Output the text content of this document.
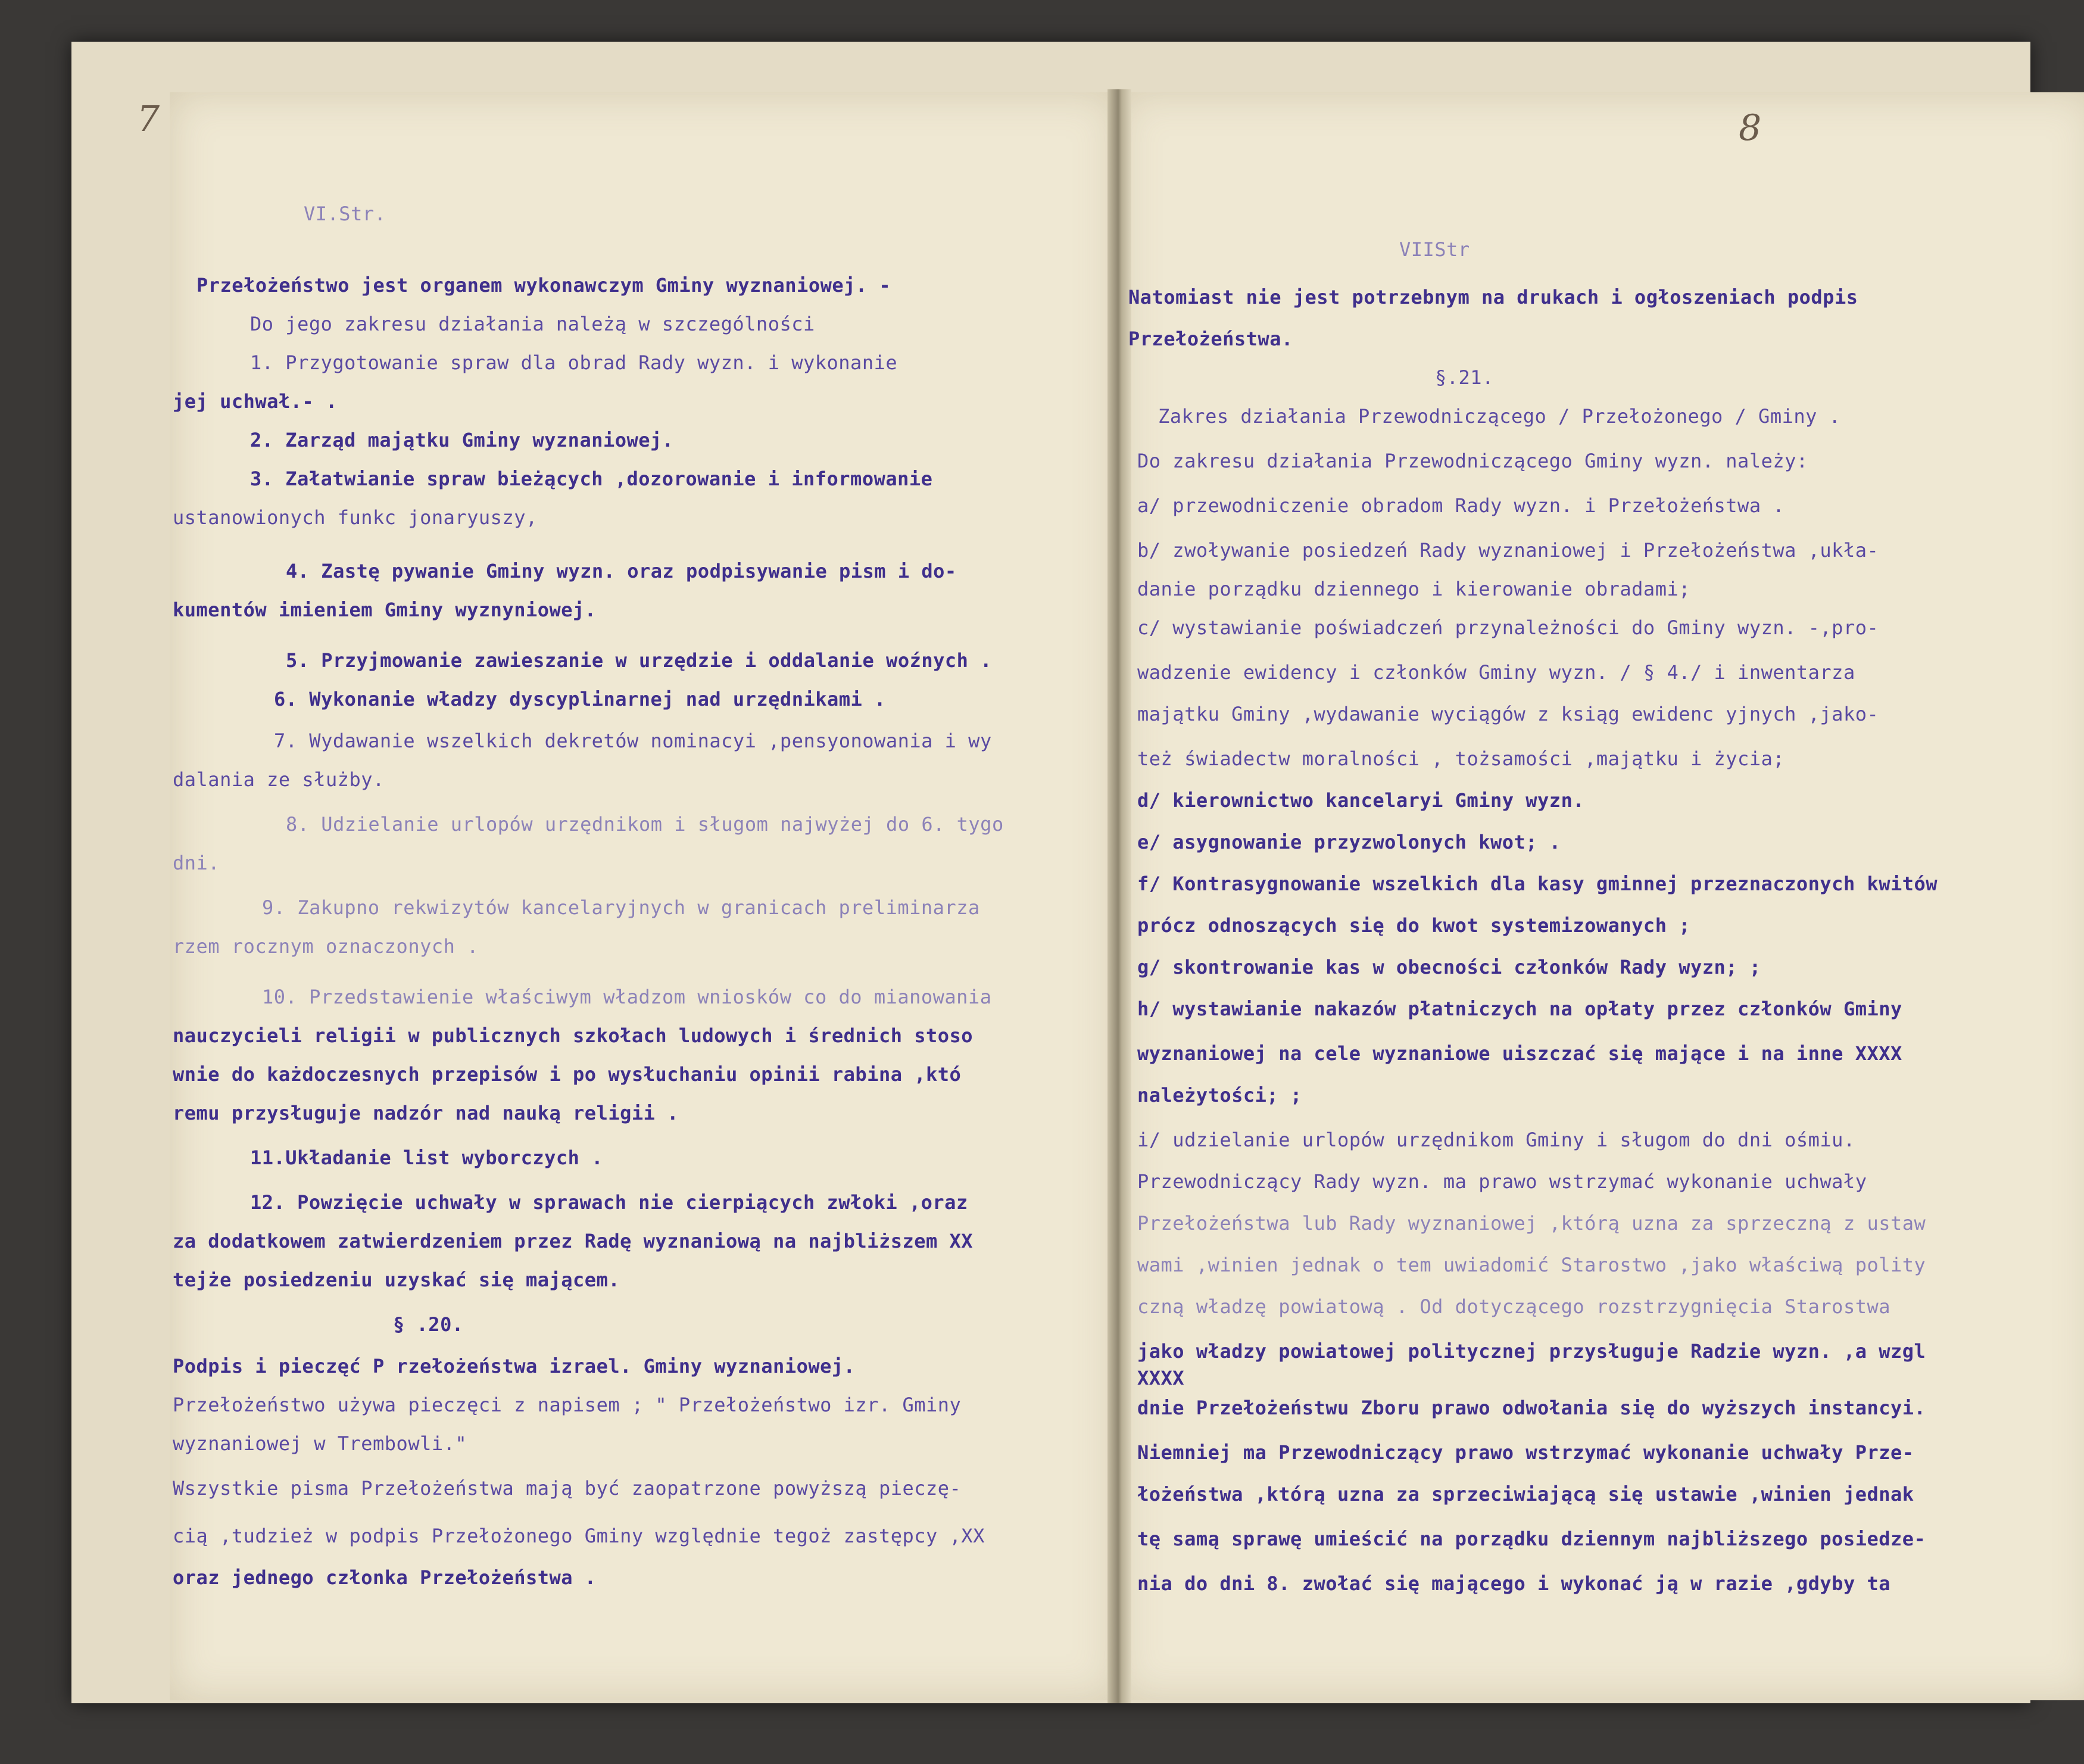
7
VI.Str.
Przełożeństwo jest organem wykonawczym Gminy wyznaniowej. -
Do jego zakresu działania należą w szczególności
1. Przygotowanie spraw dla obrad Rady wyzn. i wykonanie
jej uchwał.- .
2. Zarząd majątku Gminy wyznaniowej.
3. Załatwianie spraw bieżących ,dozorowanie i informowanie
ustanowionych funkc jonaryuszy,
4. Zastę pywanie Gminy wyzn. oraz podpisywanie pism i do-
kumentów imieniem Gminy wyznyniowej.
5. Przyjmowanie zawieszanie w urzędzie i oddalanie woźnych .
6. Wykonanie władzy dyscyplinarnej nad urzędnikami .
7. Wydawanie wszelkich dekretów nominacyi ,pensyonowania i wy
dalania ze służby.
8. Udzielanie urlopów urzędnikom i sługom najwyżej do 6. tygo
dni.
9. Zakupno rekwizytów kancelaryjnych w granicach preliminarza
rzem rocznym oznaczonych .
10. Przedstawienie właściwym władzom wniosków co do mianowania
nauczycieli religii w publicznych szkołach ludowych i średnich stoso
wnie do każdoczesnych przepisów i po wysłuchaniu opinii rabina ,któ
remu przysługuje nadzór nad nauką religii .
11.Układanie list wyborczych .
12. Powzięcie uchwały w sprawach nie cierpiących zwłoki ,oraz
za dodatkowem zatwierdzeniem przez Radę wyznaniową na najbliższem XX
tejże posiedzeniu uzyskać się mającem.
§ .20.
Podpis i pieczęć P rzełożeństwa izrael. Gminy wyznaniowej.
Przełożeństwo używa pieczęci z napisem ; " Przełożeństwo izr. Gminy
wyznaniowej w Trembowli."
Wszystkie pisma Przełożeństwa mają być zaopatrzone powyższą pieczę-
cią ,tudzież w podpis Przełożonego Gminy względnie tegoż zastępcy ,XX
oraz jednego członka Przełożeństwa .
8
VIIStr
Natomiast nie jest potrzebnym na drukach i ogłoszeniach podpis
Przełożeństwa.
§.21.
Zakres działania Przewodniczącego / Przełożonego / Gminy .
Do zakresu działania Przewodniczącego Gminy wyzn. należy:
a/ przewodniczenie obradom Rady wyzn. i Przełożeństwa .
b/ zwoływanie posiedzeń Rady wyznaniowej i Przełożeństwa ,ukła-
danie porządku dziennego i kierowanie obradami;
c/ wystawianie poświadczeń przynależności do Gminy wyzn. -,pro-
wadzenie ewidency i członków Gminy wyzn. / § 4./ i inwentarza
majątku Gminy ,wydawanie wyciągów z ksiąg ewidenc yjnych ,jako-
też świadectw moralności , tożsamości ,majątku i życia;
d/ kierownictwo kancelaryi Gminy wyzn.
e/ asygnowanie przyzwolonych kwot; .
f/ Kontrasygnowanie wszelkich dla kasy gminnej przeznaczonych kwitów
prócz odnoszących się do kwot systemizowanych ;
g/ skontrowanie kas w obecności członków Rady wyzn; ;
h/ wystawianie nakazów płatniczych na opłaty przez członków Gminy
wyznaniowej na cele wyznaniowe uiszczać się mające i na inne XXXX
należytości; ;
i/ udzielanie urlopów urzędnikom Gminy i sługom do dni ośmiu.
Przewodniczący Rady wyzn. ma prawo wstrzymać wykonanie uchwały
Przełożeństwa lub Rady wyznaniowej ,którą uzna za sprzeczną z ustaw
wami ,winien jednak o tem uwiadomić Starostwo ,jako właściwą polity
czną władzę powiatową . Od dotyczącego rozstrzygnięcia Starostwa
jako władzy powiatowej politycznej przysługuje Radzie wyzn. ,a wzgl
XXXX
dnie Przełożeństwu Zboru prawo odwołania się do wyższych instancyi.
Niemniej ma Przewodniczący prawo wstrzymać wykonanie uchwały Prze-
łożeństwa ,którą uzna za sprzeciwiającą się ustawie ,winien jednak
tę samą sprawę umieścić na porządku dziennym najbliższego posiedze-
nia do dni 8. zwołać się mającego i wykonać ją w razie ,gdyby ta
